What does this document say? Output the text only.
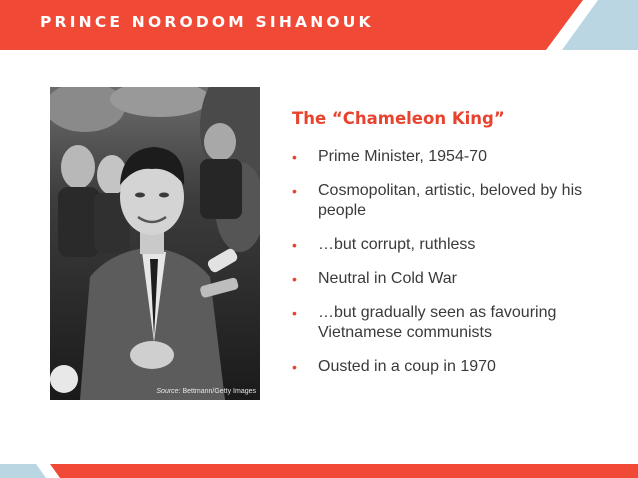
PRINCE NORODOM SIHANOUK
Source: Bettmann/Getty Images
The “Chameleon King”
• Prime Minister, 1954-70
• Cosmopolitan, artistic, beloved by his people
• …but corrupt, ruthless
• Neutral in Cold War
• …but gradually seen as favouring Vietnamese communists
• Ousted in a coup in 1970
